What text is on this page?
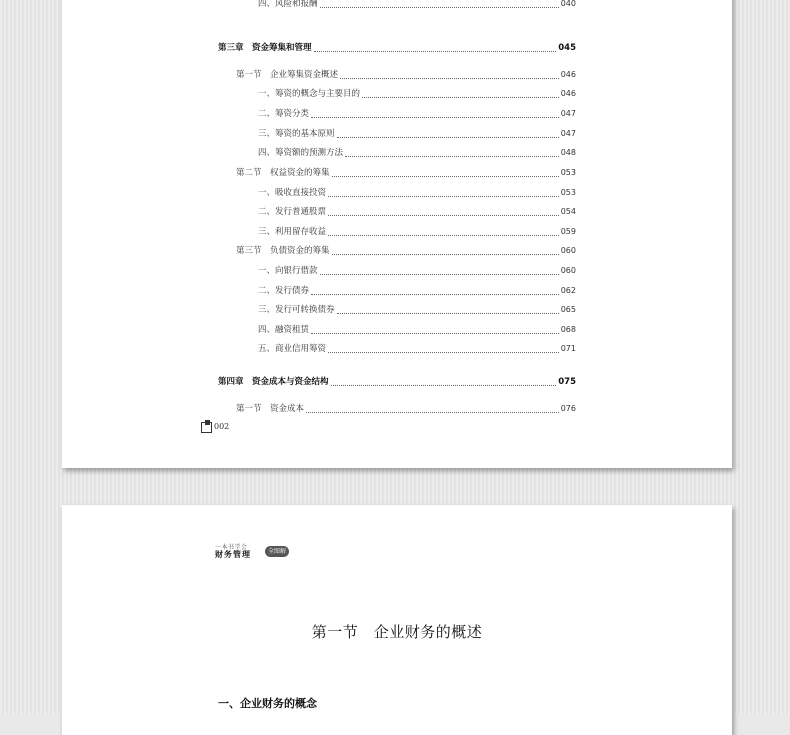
四、风险和报酬	040
第三章　资金筹集和管理	045
第一节　企业筹集资金概述	046
一、筹资的概念与主要目的	046
二、筹资分类	047
三、筹资的基本原则	047
四、筹资额的预测方法	048
第二节　权益资金的筹集	053
一、吸收直接投资	053
二、发行普通股票	054
三、利用留存收益	059
第三节　负债资金的筹集	060
一、向银行借款	060
二、发行债券	062
三、发行可转换债券	065
四、融资租赁	068
五、商业信用筹资	071
第四章　资金成本与资金结构	075
第一节　资金成本	076
002
一本书学会
财务管理	全图解
第一节　企业财务的概述
一、企业财务的概念
